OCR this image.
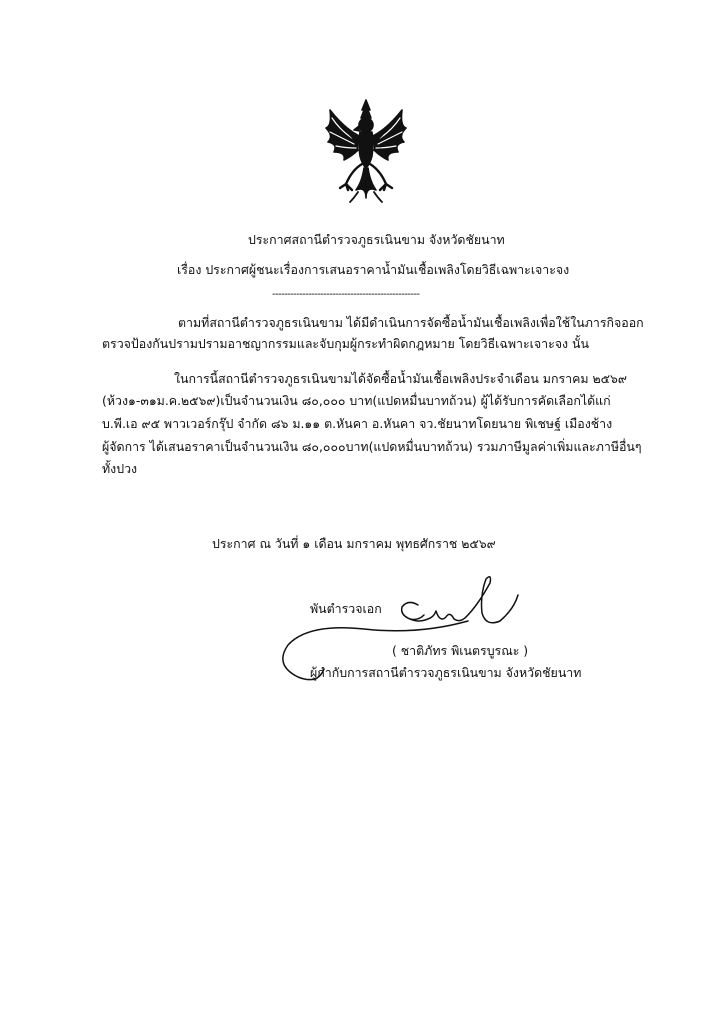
ประกาศสถานีตำรวจภูธรเนินขาม จังหวัดชัยนาท
เรื่อง ประกาศผู้ชนะเรื่องการเสนอราคาน้ำมันเชื้อเพลิงโดยวิธีเฉพาะเจาะจง
-------------------------------------------------
ตามที่สถานีตำรวจภูธรเนินขาม ได้มีดำเนินการจัดซื้อน้ำมันเชื้อเพลิงเพื่อใช้ในภารกิจออก
ตรวจป้องกันปรามปรามอาชญากรรมและจับกุมผู้กระทำผิดกฎหมาย โดยวิธีเฉพาะเจาะจง นั้น
ในการนี้สถานีตำรวจภูธรเนินขามได้จัดซื้อน้ำมันเชื้อเพลิงประจำเดือน มกราคม ๒๕๖๙
(ห้วง๑-๓๑ม.ค.๒๕๖๙)เป็นจำนวนเงิน ๘๐,๐๐๐ บาท(แปดหมื่นบาทถ้วน) ผู้ได้รับการคัดเลือกได้แก่
บ.พี.เอ ๙๕ พาวเวอร์กรุ๊ป จำกัด ๘๖ ม.๑๑ ต.หันคา อ.หันคา จว.ชัยนาทโดยนาย พิเชษฐ์ เมืองช้าง
ผู้จัดการ ได้เสนอราคาเป็นจำนวนเงิน ๘๐,๐๐๐บาท(แปดหมื่นบาทถ้วน) รวมภาษีมูลค่าเพิ่มและภาษีอื่นๆ
ทั้งปวง
ประกาศ ณ วันที่ ๑ เดือน มกราคม พุทธศักราช ๒๕๖๙
พันตำรวจเอก
( ชาติภัทร พิเนตรบูรณะ )
ผู้กำกับการสถานีตำรวจภูธรเนินขาม จังหวัดชัยนาท
